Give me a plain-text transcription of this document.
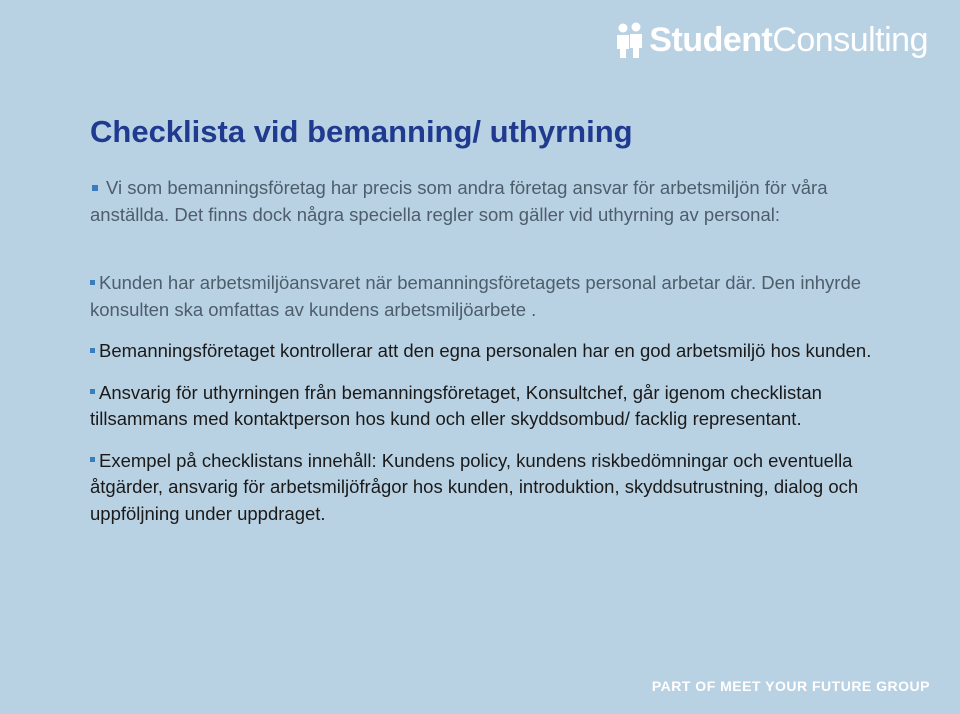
StudentConsulting
Checklista vid bemanning/ uthyrning

Vi som bemanningsföretag har precis som andra företag ansvar för arbetsmiljön för våra anställda. Det finns dock några speciella regler som gäller vid uthyrning av personal:

Kunden har arbetsmiljöansvaret när bemanningsföretagets personal arbetar där. Den inhyrde konsulten ska omfattas av kundens arbetsmiljöarbete .
Bemanningsföretaget kontrollerar att den egna personalen har en god arbetsmiljö hos kunden.
Ansvarig för uthyrningen från bemanningsföretaget, Konsultchef, går igenom checklistan tillsammans med kontaktperson hos kund och eller skyddsombud/ facklig representant.
Exempel på checklistans innehåll: Kundens policy, kundens riskbedömningar och eventuella åtgärder, ansvarig för arbetsmiljöfrågor hos kunden, introduktion, skyddsutrustning, dialog och uppföljning under uppdraget.
PART OF MEET YOUR FUTURE GROUP
